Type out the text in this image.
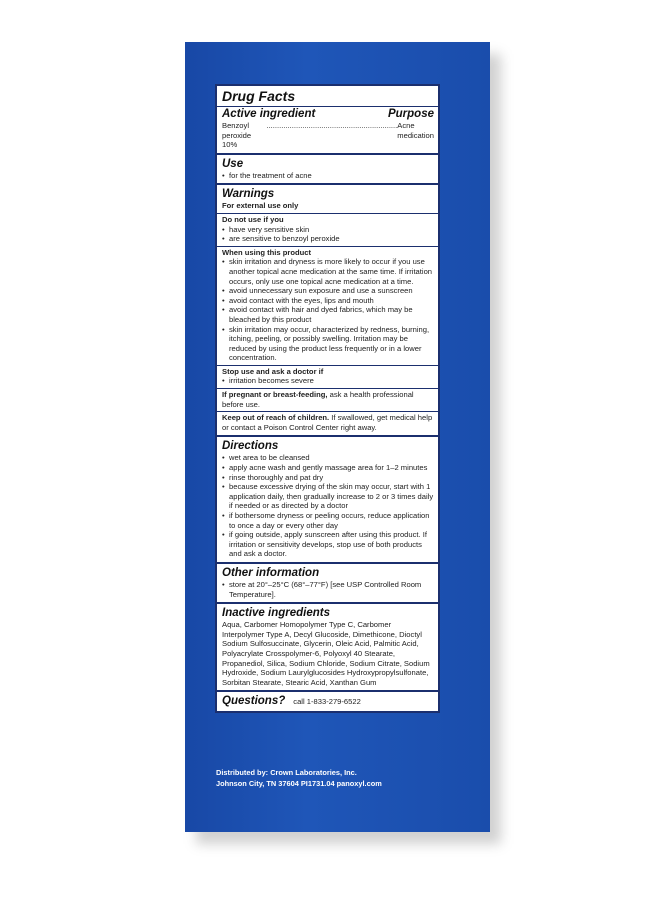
Drug Facts
Active ingredient	Purpose
Benzoyl peroxide 10%
.............................................................. Acne medication
Use
• for the treatment of acne
Warnings
For external use only
Do not use if you
• have very sensitive skin
• are sensitive to benzoyl peroxide
When using this product
• skin irritation and dryness is more likely to occur if you use another topical acne medication at the same time. If irritation occurs, only use one topical acne medication at a time.
• avoid unnecessary sun exposure and use a sunscreen
• avoid contact with the eyes, lips and mouth
• avoid contact with hair and dyed fabrics, which may be bleached by this product
• skin irritation may occur, characterized by redness, burning, itching, peeling, or possibly swelling. Irritation may be reduced by using the product less frequently or in a lower concentration.
Stop use and ask a doctor if
• irritation becomes severe
If pregnant or breast-feeding, ask a health professional before use.
Keep out of reach of children. If swallowed, get medical help or contact a Poison Control Center right away.
Directions
• wet area to be cleansed
• apply acne wash and gently massage area for 1–2 minutes
• rinse thoroughly and pat dry
• because excessive drying of the skin may occur, start with 1 application daily, then gradually increase to 2 or 3 times daily if needed or as directed by a doctor
• if bothersome dryness or peeling occurs, reduce application to once a day or every other day
• if going outside, apply sunscreen after using this product. If irritation or sensitivity develops, stop use of both products and ask a doctor.
Other information
• store at 20°–25°C (68°–77°F) [see USP Controlled Room Temperature].
Inactive ingredients
Aqua, Carbomer Homopolymer Type C, Carbomer Interpolymer Type A, Decyl Glucoside, Dimethicone, Dioctyl Sodium Sulfosuccinate, Glycerin, Oleic Acid, Palmitic Acid, Polyacrylate Crosspolymer-6, Polyoxyl 40 Stearate, Propanediol, Silica, Sodium Chloride, Sodium Citrate, Sodium Hydroxide, Sodium Laurylglucosides Hydroxypropylsulfonate, Sorbitan Stearate, Stearic Acid, Xanthan Gum
Questions? call 1-833-279-6522
Distributed by: Crown Laboratories, Inc.
Johnson City, TN 37604 PI1731.04 panoxyl.com
